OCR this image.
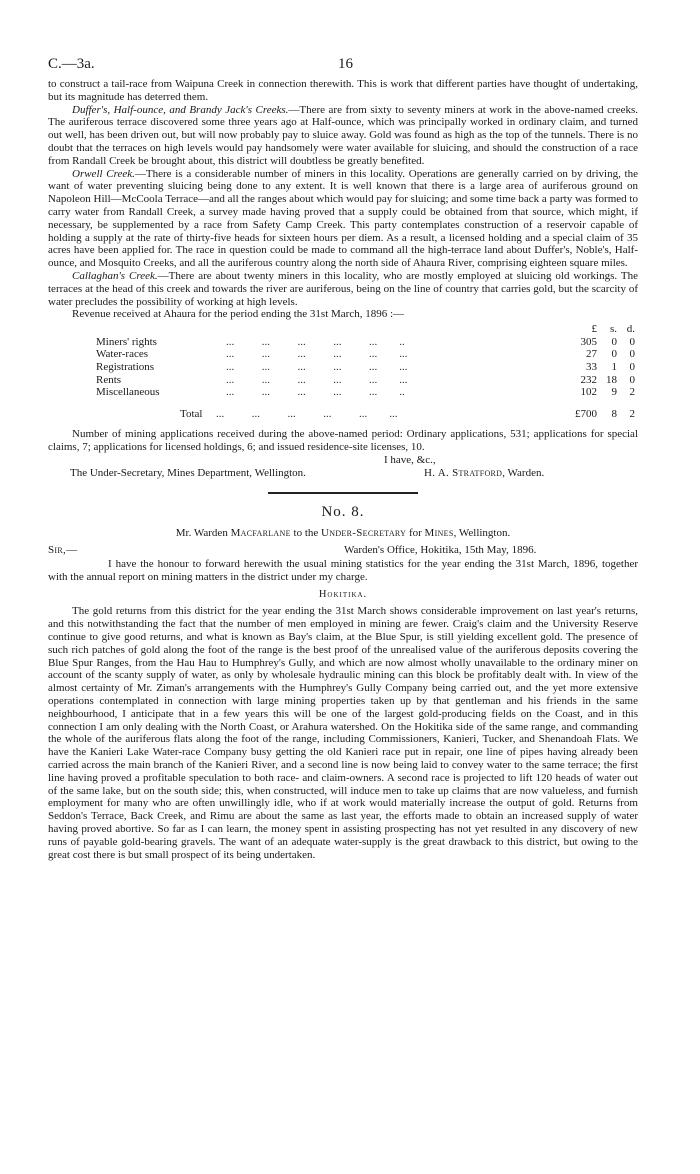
C.—3a.	16

to construct a tail-race from Waipuna Creek in connection therewith. This is work that different parties have thought of undertaking, but its magnitude has deterred them.

Duffer's, Half-ounce, and Brandy Jack's Creeks.—There are from sixty to seventy miners at work in the above-named creeks. The auriferous terrace discovered some three years ago at Half-ounce, which was principally worked in ordinary claim, and turned out well, has been driven out, but will now probably pay to sluice away. Gold was found as high as the top of the tunnels. There is no doubt that the terraces on high levels would pay handsomely were water available for sluicing, and should the construction of a race from Randall Creek be brought about, this district will doubtless be greatly benefited.

Orwell Creek.—There is a considerable number of miners in this locality. Operations are generally carried on by driving, the want of water preventing sluicing being done to any extent. It is well known that there is a large area of auriferous ground on Napoleon Hill—McCoola Terrace—and all the ranges about which would pay for sluicing; and some time back a party was formed to carry water from Randall Creek, a survey made having proved that a supply could be obtained from that source, which might, if necessary, be supplemented by a race from Safety Camp Creek. This party contemplates construction of a reservoir capable of holding a supply at the rate of thirty-five heads for sixteen hours per diem. As a result, a licensed holding and a special claim of 35 acres have been applied for. The race in question could be made to command all the high-terrace land about Duffer's, Noble's, Half-ounce, and Mosquito Creeks, and all the auriferous country along the north side of Ahaura River, comprising eighteen square miles.

Callaghan's Creek.—There are about twenty miners in this locality, who are mostly employed at sluicing old workings. The terraces at the head of this creek and towards the river are auriferous, being on the line of country that carries gold, but the scarcity of water precludes the possibility of working at high levels.

Revenue received at Ahaura for the period ending the 31st March, 1896 :—

£ s. d.
Miners' rights	...          ...          ...          ...          ...        ..	305 0 0
Water-races	...          ...          ...          ...          ...        ...	27 0 0
Registrations	...          ...          ...          ...          ...        ...	33 1 0
Rents	...          ...          ...          ...          ...        ...	232 18 0
Miscellaneous	...          ...          ...          ...          ...        ..	102 9 2
Total ...          ...          ...          ...          ...        ...	£700 8 2

Number of mining applications received during the above-named period: Ordinary applications, 531; applications for special claims, 7; applications for licensed holdings, 6; and issued residence-site licenses, 10.

I have, &c.,
The Under-Secretary, Mines Department, Wellington.	H. A. Stratford, Warden.
No. 8.
Mr. Warden Macfarlane to the Under-Secretary for Mines, Wellington.
Sir,—	Warden's Office, Hokitika, 15th May, 1896.

I have the honour to forward herewith the usual mining statistics for the year ending the 31st March, 1896, together with the annual report on mining matters in the district under my charge.

Hokitika.

The gold returns from this district for the year ending the 31st March shows considerable improvement on last year's returns, and this notwithstanding the fact that the number of men employed in mining are fewer. Craig's claim and the University Reserve continue to give good returns, and what is known as Bay's claim, at the Blue Spur, is still yielding excellent gold. The presence of such rich patches of gold along the foot of the range is the best proof of the unrealised value of the auriferous deposits covering the Blue Spur Ranges, from the Hau Hau to Humphrey's Gully, and which are now almost wholly unavailable to the ordinary miner on account of the scanty supply of water, as only by wholesale hydraulic mining can this block be profitably dealt with. In view of the almost certainty of Mr. Ziman's arrangements with the Humphrey's Gully Company being carried out, and the yet more extensive operations contemplated in connection with large mining properties taken up by that gentleman and his friends in the same neighbourhood, I anticipate that in a few years this will be one of the largest gold-producing fields on the Coast, and in this connection I am only dealing with the North Coast, or Arahura watershed. On the Hokitika side of the same range, and commanding the whole of the auriferous flats along the foot of the range, including Commissioners, Kanieri, Tucker, and Shenandoah Flats. We have the Kanieri Lake Water-race Company busy getting the old Kanieri race put in repair, one line of pipes having already been carried across the main branch of the Kanieri River, and a second line is now being laid to convey water to the same terrace; the first line having proved a profitable speculation to both race- and claim-owners. A second race is projected to lift 120 heads of water out of the same lake, but on the south side; this, when constructed, will induce men to take up claims that are now valueless, and furnish employment for many who are often unwillingly idle, who if at work would materially increase the output of gold. Returns from Seddon's Terrace, Back Creek, and Rimu are about the same as last year, the efforts made to obtain an increased supply of water having proved abortive. So far as I can learn, the money spent in assisting prospecting has not yet resulted in any discovery of new runs of payable gold-bearing gravels. The want of an adequate water-supply is the great drawback to this district, but owing to the great cost there is but small prospect of its being undertaken.
